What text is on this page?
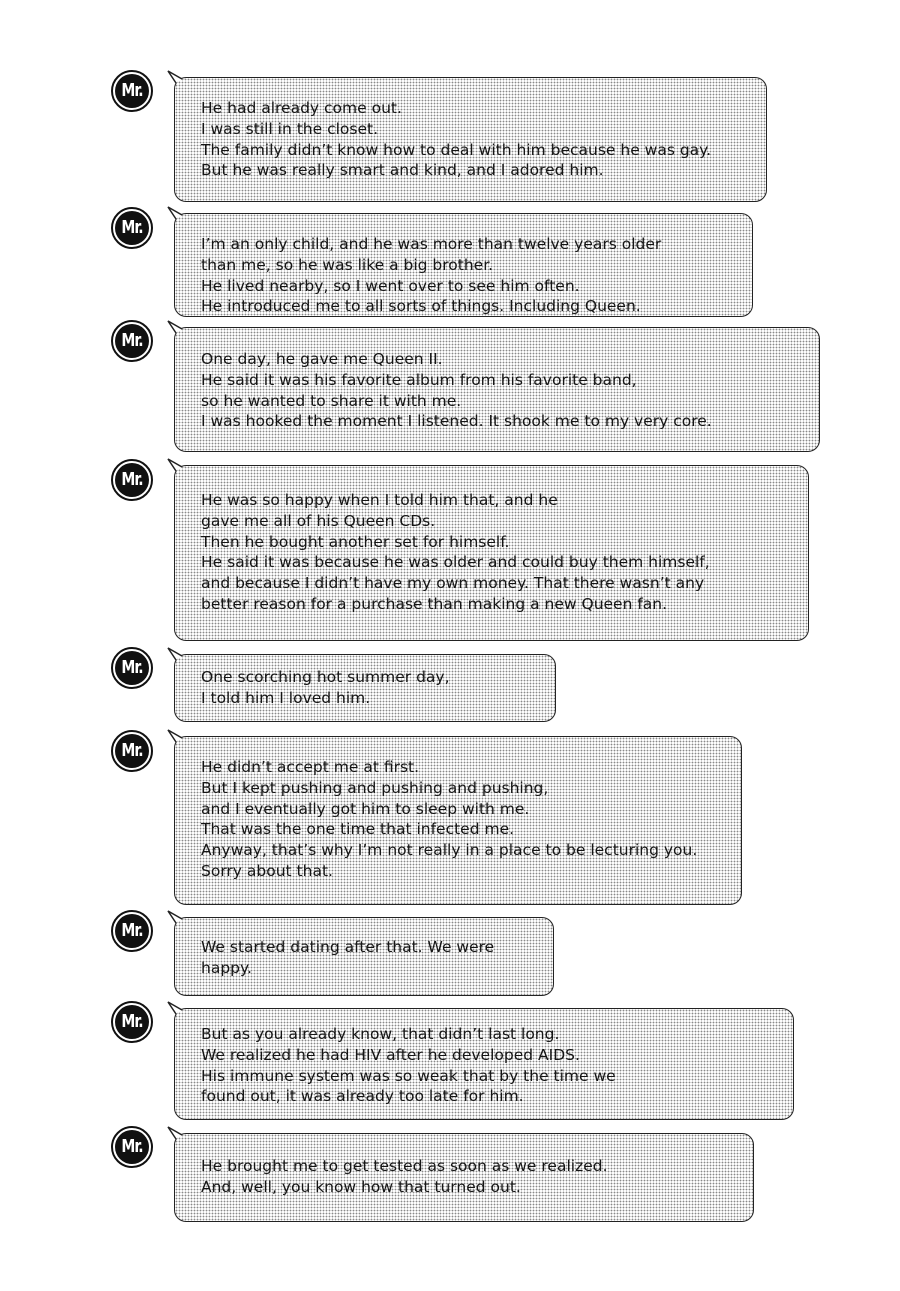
Mr.
He had already come out.
I was still in the closet.
The family didn’t know how to deal with him because he was gay.
But he was really smart and kind, and I adored him.
Mr.
I’m an only child, and he was more than twelve years older
than me, so he was like a big brother.
He lived nearby, so I went over to see him often.
He introduced me to all sorts of things. Including Queen.
Mr.
One day, he gave me Queen II.
He said it was his favorite album from his favorite band,
so he wanted to share it with me.
I was hooked the moment I listened. It shook me to my very core.
Mr.
He was so happy when I told him that, and he
gave me all of his Queen CDs.
Then he bought another set for himself.
He said it was because he was older and could buy them himself,
and because I didn’t have my own money. That there wasn’t any
better reason for a purchase than making a new Queen fan.
Mr.	One scorching hot summer day,
I told him I loved him.
Mr.
He didn’t accept me at first.
But I kept pushing and pushing and pushing,
and I eventually got him to sleep with me.
That was the one time that infected me.
Anyway, that’s why I’m not really in a place to be lecturing you.
Sorry about that.
Mr.
We started dating after that. We were
happy.
Mr.
But as you already know, that didn’t last long.
We realized he had HIV after he developed AIDS.
His immune system was so weak that by the time we
found out, it was already too late for him.
Mr.
He brought me to get tested as soon as we realized.
And, well, you know how that turned out.
